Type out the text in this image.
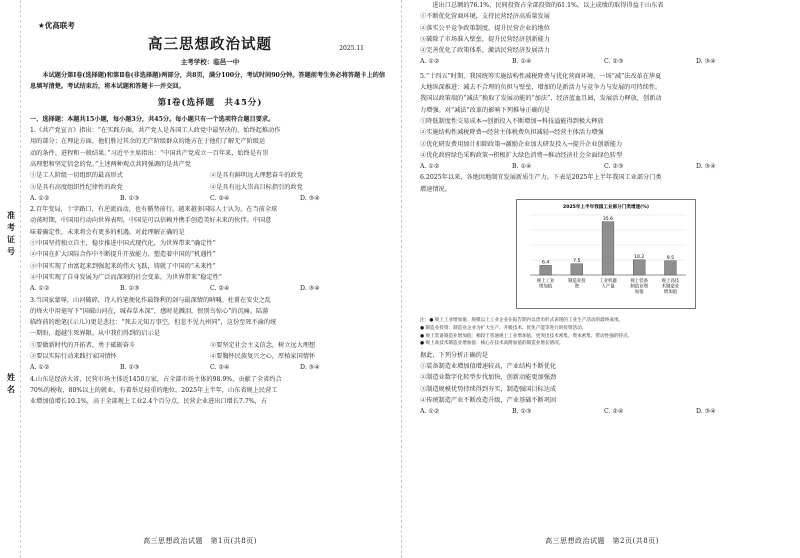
准考证号
姓名
★优高联考
高三思想政治试题	2025.11
主考学校：临邑一中

本试题分第Ⅰ卷(选择题)和第Ⅱ卷(非选择题)两部分，共8页，满分100分，考试时间90分钟。答题前考生务必将答题卡上的信息填写清楚。考试结束后，将本试题和答题卡一并交回。

第Ⅰ卷(选择题　共45分)

一、选择题：本题共15小题，每小题3分，共45分。每小题只有一个选项符合题目要求。

1.《共产党宣言》指出：“在实践方面，共产党人是各国工人政党中最坚决的、始终起推动作

用的部分；在理论方面，他们胜过其余的无产阶级群众的地方在于他们了解无产阶级运

动的条件、进程和一般结果。”习近平主席指出：“中国共产党成立一百年来，始终是有崇

高理想和坚定信念的党。”上述两种观点共同强调的是共产党

①是工人阶级一切组织的最高形式	②是具有鲜明远大理想奋斗的政党
③是具有高度组织性纪律性的政党	④是具有远大崇高目标指引的政党
A. ①②	B. ①③	C. ②④	D. ③④

2.百年变局，十字路口，有逆流而动，也有循势前行。越来越多国际人士认为，在当前全球

动荡时期，中国用行动向世界表明，中国是可以信赖并携手创造美好未来的伙伴。中国意

味着确定性，未来将会有更多的机遇。对此理解正确的是

①中国坚持独立自主，稳步推进中国式现代化，为世界带来“确定性”

②中国在扩大国际合作中不断提升开放能力，塑造着中国的“机遇性”

③中国实现了由富起来到强起来的伟大飞跃，铸就了中国的“未来性”

④中国实现了自身发展为广泛而深刻的社会变革，为世界带来“稳定性”

A. ①②	B. ①③	C. ②④	D. ③④

3.当国家蒙辱，山河破碎，诗人的笔便化作最锋利的剑与最深情的呐喊。杜甫在安史之乱

的烽火中用毫写下“国破山河在，城春草木深”，感时花溅泪，恨别鸟惊心”的沉痛。陆游

临终前的绝笔(《示儿》)更是悲壮：“死去元知万事空，但悲不见九州同”，这份至死不渝的统

一期盼，超越生死界限。从中我们得到的启示是

①要做新时代的开拓者，勇于砥砺奋斗	②要坚定社会主义信念，树立远大理想
③要以实际行动来践行家国情怀	④要胸怀民族复兴之心，厚植家国情怀
A. ①②	B. ①③	C. ②④	D. ③④

4.山东是经济大省，民营市场主体近1450万家，占全部市场主体的98.9%，贡献了全省约合

70%的税收，80%以上的就业，有着举足轻重的地位。2025年上半年，山东省规上民营工

业增加值增长10.1%，高于全部规上工业2.4个百分点，民营企业进出口增长7.7%，占

高三思想政治试题　第1页(共8页)

进出口总额的76.1%，民间投资占全部投资的61.1%。以上成绩的取得得益于山东省

①不断优化营商环境，支持民营经济高质量发展

②落实公平竞争政策制度，提升民营企业的地位

③破除了市场准入壁垒，提升民营经济创新能力

④完善优化了政策体系，激活民营经济发展活力

A. ①②	B. ①④	C. ②③	D. ③④

5.“十四五”时期，我国统筹实施结构性减税降费与优化营商环境，一场“减”法改革在华夏

大地纵深推进：减去不合理的负担与壁垒，增加的是新活力与竞争力与发展的可持续性。

我国以政策端的“减法”换取了发展动能的“加法”，经济蓝血且园，发展活力释放，创新动

力增强。对“减法”改革的影响下列推导正确的是

①降低制度性交易成本→创新投入不断增加→科技溢能得到极大释放

②实施结构性减税降费→经营主体税费负担减轻→经营主体活力增强

③优化研发费用加计扣除政策→激励企业加大研发投入→提升企业创新能力

④优化政府绿色采购政策→积极扩大绿色消费→推动经济社会全面绿色转型

A. ①②	B. ①④	C. ②③	D. ③④

6.2025年以来，各地因地制宜发展新质生产力。下表是2025年上半年我国工业部分门类

增速情况。

2025年上半年我国工业部分门类增速(%)
6.4	7.5
35.6
10.2	9.5
规上工业增加值
制造业投资
工业机器人产量
规上装备制造业增加值
规上高技术制造业增加值

注：● 规上工业增加值：规模以上工业企业在报告期内以货币形式表现的工业生产活动的最终成果。

● 制造业投资：制造业企业为扩大生产、升级技术、优化产能等进行的投资活动。

● 规上装备制造业增加值：相较于普通规上工业增加值，更突出技术密集、资本密集、带动性强的特点。

● 规上高技术制造业增加值：核心在技术高附加值的制造业增长情况。

据此，下列分析正确的是

①装备制造业增加值增速较高，产业结构不断优化

②制造业数字化转型步伐加快，创新动能更加强劲

③制造规模优势持续得到夯实，制造强国目标达成

④传统制造产业不断改造升级，产业基础不断巩固

A. ①②	B. ①③	C. ②④	D. ③④
高三思想政治试题　第2页(共8页)
